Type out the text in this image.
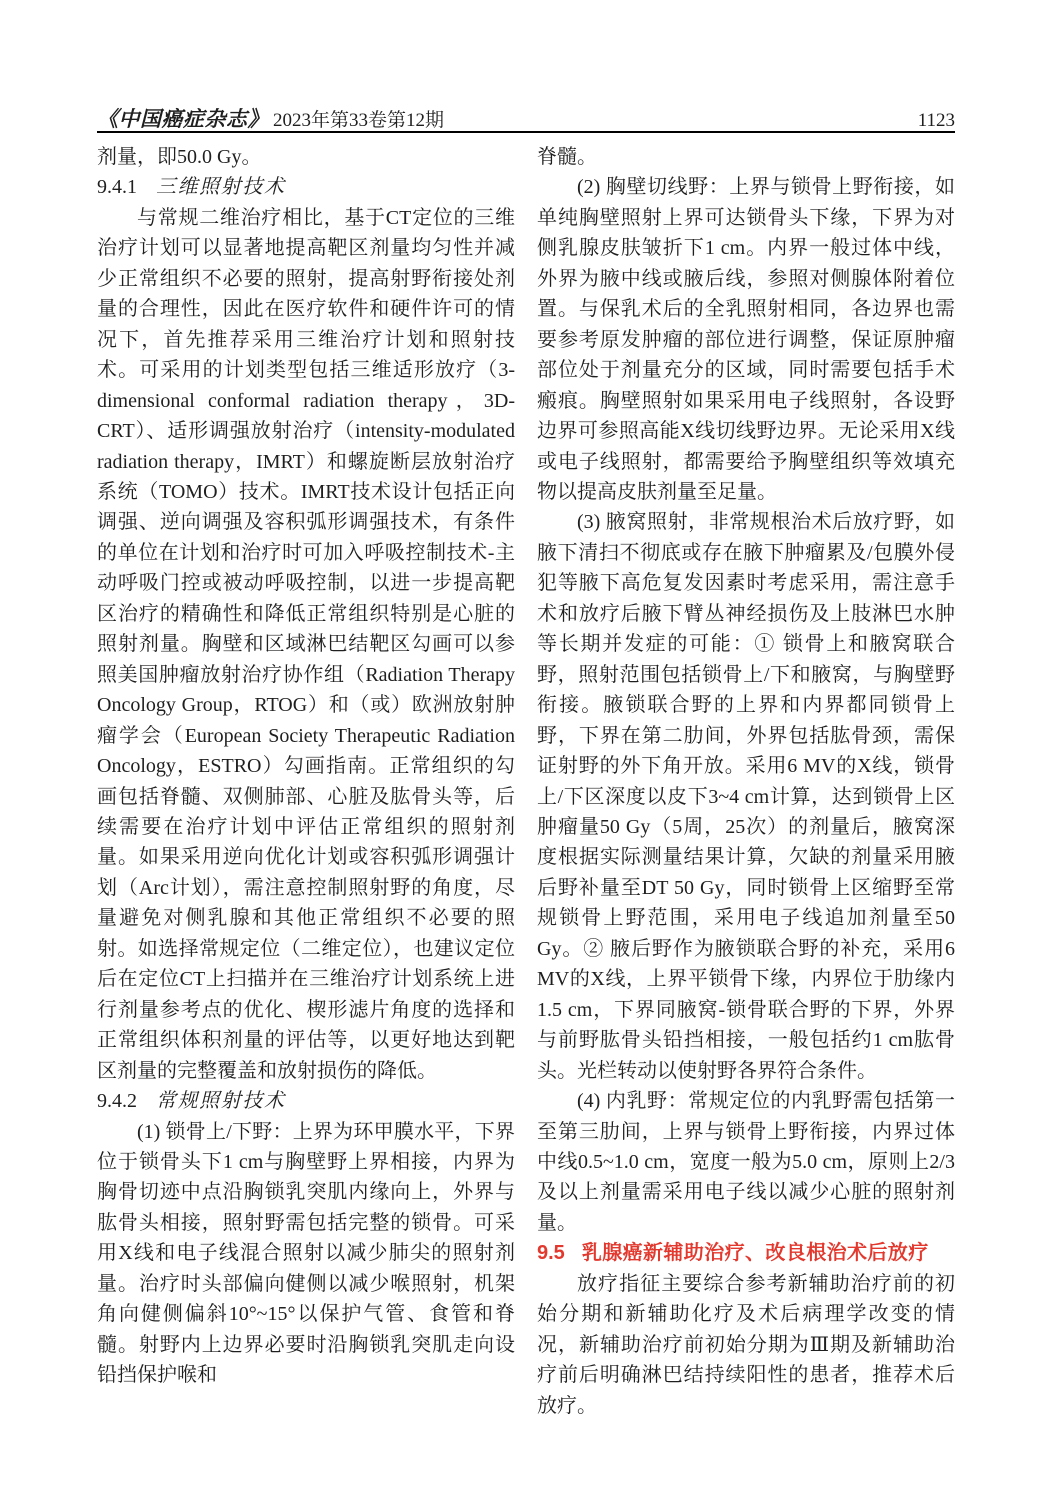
《中国癌症杂志》 2023年第33卷第12期	1123

剂量，即50.0 Gy。

9.4.1 三维照射技术

与常规二维治疗相比，基于CT定位的三维治疗计划可以显著地提高靶区剂量均匀性并减少正常组织不必要的照射，提高射野衔接处剂量的合理性，因此在医疗软件和硬件许可的情况下，首先推荐采用三维治疗计划和照射技术。可采用的计划类型包括三维适形放疗（3-dimensional conformal radiation therapy，3D-CRT）、适形调强放射治疗（intensity-modulated radiation therapy，IMRT）和螺旋断层放射治疗系统（TOMO）技术。IMRT技术设计包括正向调强、逆向调强及容积弧形调强技术，有条件的单位在计划和治疗时可加入呼吸控制技术-主动呼吸门控或被动呼吸控制，以进一步提高靶区治疗的精确性和降低正常组织特别是心脏的照射剂量。胸壁和区域淋巴结靶区勾画可以参照美国肿瘤放射治疗协作组（Radiation Therapy Oncology Group，RTOG）和（或）欧洲放射肿瘤学会（European Society Therapeutic Radiation Oncology，ESTRO）勾画指南。正常组织的勾画包括脊髓、双侧肺部、心脏及肱骨头等，后续需要在治疗计划中评估正常组织的照射剂量。如果采用逆向优化计划或容积弧形调强计划（Arc计划），需注意控制照射野的角度，尽量避免对侧乳腺和其他正常组织不必要的照射。如选择常规定位（二维定位），也建议定位后在定位CT上扫描并在三维治疗计划系统上进行剂量参考点的优化、楔形滤片角度的选择和正常组织体积剂量的评估等，以更好地达到靶区剂量的完整覆盖和放射损伤的降低。

9.4.2 常规照射技术

(1) 锁骨上/下野：上界为环甲膜水平，下界位于锁骨头下1 cm与胸壁野上界相接，内界为胸骨切迹中点沿胸锁乳突肌内缘向上，外界与肱骨头相接，照射野需包括完整的锁骨。可采用X线和电子线混合照射以减少肺尖的照射剂量。治疗时头部偏向健侧以减少喉照射，机架角向健侧偏斜10°~15°以保护气管、食管和脊髓。射野内上边界必要时沿胸锁乳突肌走向设铅挡保护喉和

脊髓。

(2) 胸壁切线野：上界与锁骨上野衔接，如单纯胸壁照射上界可达锁骨头下缘，下界为对侧乳腺皮肤皱折下1 cm。内界一般过体中线，外界为腋中线或腋后线，参照对侧腺体附着位置。与保乳术后的全乳照射相同，各边界也需要参考原发肿瘤的部位进行调整，保证原肿瘤部位处于剂量充分的区域，同时需要包括手术瘢痕。胸壁照射如果采用电子线照射，各设野边界可参照高能X线切线野边界。无论采用X线或电子线照射，都需要给予胸壁组织等效填充物以提高皮肤剂量至足量。

(3) 腋窝照射，非常规根治术后放疗野，如腋下清扫不彻底或存在腋下肿瘤累及/包膜外侵犯等腋下高危复发因素时考虑采用，需注意手术和放疗后腋下臂丛神经损伤及上肢淋巴水肿等长期并发症的可能：① 锁骨上和腋窝联合野，照射范围包括锁骨上/下和腋窝，与胸壁野衔接。腋锁联合野的上界和内界都同锁骨上野，下界在第二肋间，外界包括肱骨颈，需保证射野的外下角开放。采用6 MV的X线，锁骨上/下区深度以皮下3~4 cm计算，达到锁骨上区肿瘤量50 Gy（5周，25次）的剂量后，腋窝深度根据实际测量结果计算，欠缺的剂量采用腋后野补量至DT 50 Gy，同时锁骨上区缩野至常规锁骨上野范围，采用电子线追加剂量至50 Gy。② 腋后野作为腋锁联合野的补充，采用6 MV的X线，上界平锁骨下缘，内界位于肋缘内1.5 cm，下界同腋窝-锁骨联合野的下界，外界与前野肱骨头铅挡相接，一般包括约1 cm肱骨头。光栏转动以使射野各界符合条件。

(4) 内乳野：常规定位的内乳野需包括第一至第三肋间，上界与锁骨上野衔接，内界过体中线0.5~1.0 cm，宽度一般为5.0 cm，原则上2/3及以上剂量需采用电子线以减少心脏的照射剂量。

9.5 乳腺癌新辅助治疗、改良根治术后放疗

放疗指征主要综合参考新辅助治疗前的初始分期和新辅助化疗及术后病理学改变的情况，新辅助治疗前初始分期为Ⅲ期及新辅助治疗前后明确淋巴结持续阳性的患者，推荐术后放疗。
